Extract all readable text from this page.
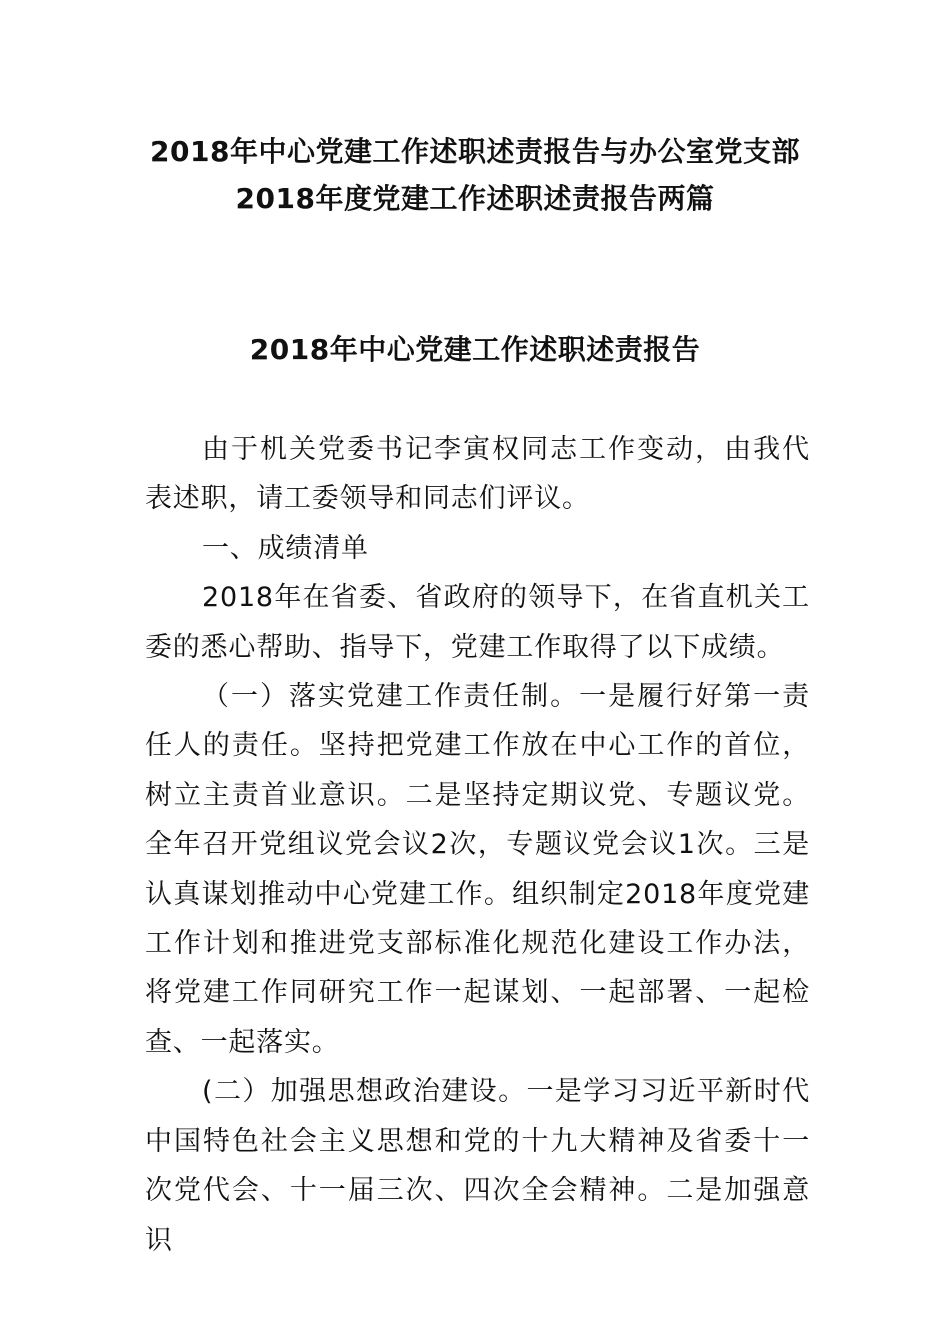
2018年中心党建工作述职述责报告与办公室党支部
2018年度党建工作述职述责报告两篇
2018年中心党建工作述职述责报告

由于机关党委书记李寅权同志工作变动，由我代表述职，请工委领导和同志们评议。

一、成绩清单

2018年在省委、省政府的领导下，在省直机关工委的悉心帮助、指导下，党建工作取得了以下成绩。

（一）落实党建工作责任制。一是履行好第一责任人的责任。坚持把党建工作放在中心工作的首位，树立主责首业意识。二是坚持定期议党、专题议党。全年召开党组议党会议2次，专题议党会议1次。三是认真谋划推动中心党建工作。组织制定2018年度党建工作计划和推进党支部标准化规范化建设工作办法，将党建工作同研究工作一起谋划、一起部署、一起检查、一起落实。

(二）加强思想政治建设。一是学习习近平新时代中国特色社会主义思想和党的十九大精神及省委十一次党代会、十一届三次、四次全会精神。二是加强意识
